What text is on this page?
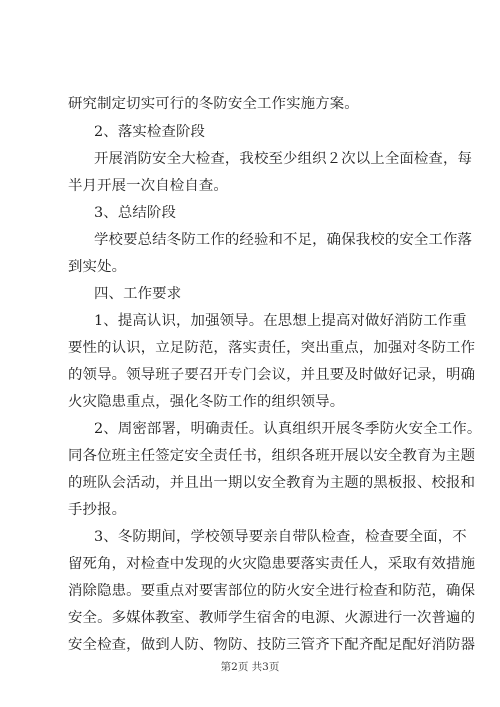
研究制定切实可行的冬防安全工作实施方案。
2、落实检查阶段
开展消防安全大检查，我校至少组织２次以上全面检查，每
半月开展一次自检自查。
3、总结阶段
学校要总结冬防工作的经验和不足，确保我校的安全工作落
到实处。
四、工作要求
1、提高认识，加强领导。在思想上提高对做好消防工作重
要性的认识，立足防范，落实责任，突出重点，加强对冬防工作
的领导。领导班子要召开专门会议，并且要及时做好记录，明确
火灾隐患重点，强化冬防工作的组织领导。
2、周密部署，明确责任。认真组织开展冬季防火安全工作。
同各位班主任签定安全责任书，组织各班开展以安全教育为主题
的班队会活动，并且出一期以安全教育为主题的黑板报、校报和
手抄报。
3、冬防期间，学校领导要亲自带队检查，检查要全面，不
留死角，对检查中发现的火灾隐患要落实责任人，采取有效措施
消除隐患。要重点对要害部位的防火安全进行检查和防范，确保
安全。多媒体教室、教师学生宿舍的电源、火源进行一次普遍的
安全检查，做到人防、物防、技防三管齐下配齐配足配好消防器
第2页 共3页
